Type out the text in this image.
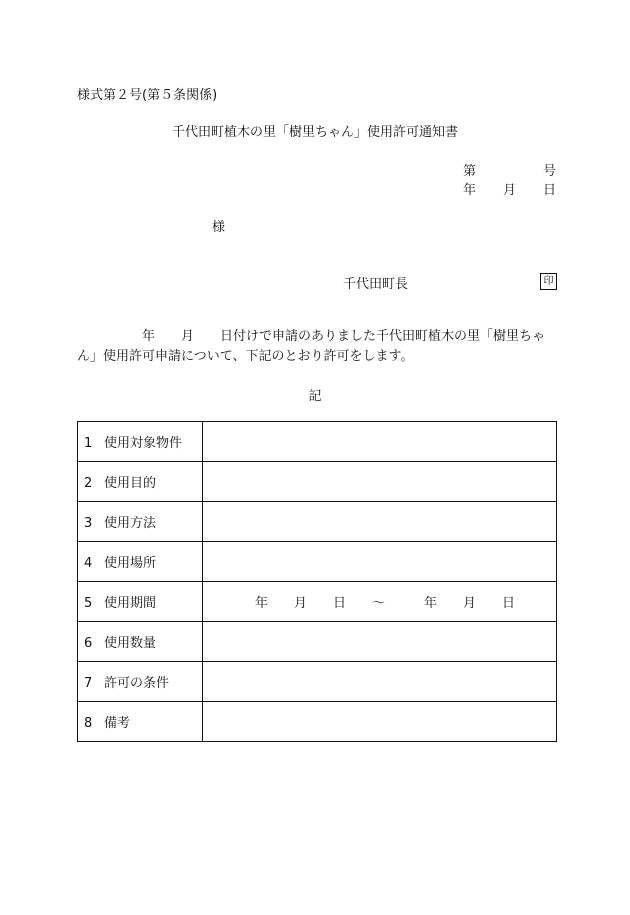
様式第２号(第５条関係)
千代田町植木の里「樹里ちゃん」使用許可通知書
第	号
年 月 日
様
千代田町長	印
　　　　　年　　月　　日付けで申請のありました千代田町植木の里「樹里ちゃん」使用許可申請について、下記のとおり許可をします。
記
1 使用対象物件	
2 使用目的	
3 使用方法	
4 使用場所	
5 使用期間	　　　　年　　月　　日　　～　　　年　　月　　日
6 使用数量	
7 許可の条件	
8 備考	
